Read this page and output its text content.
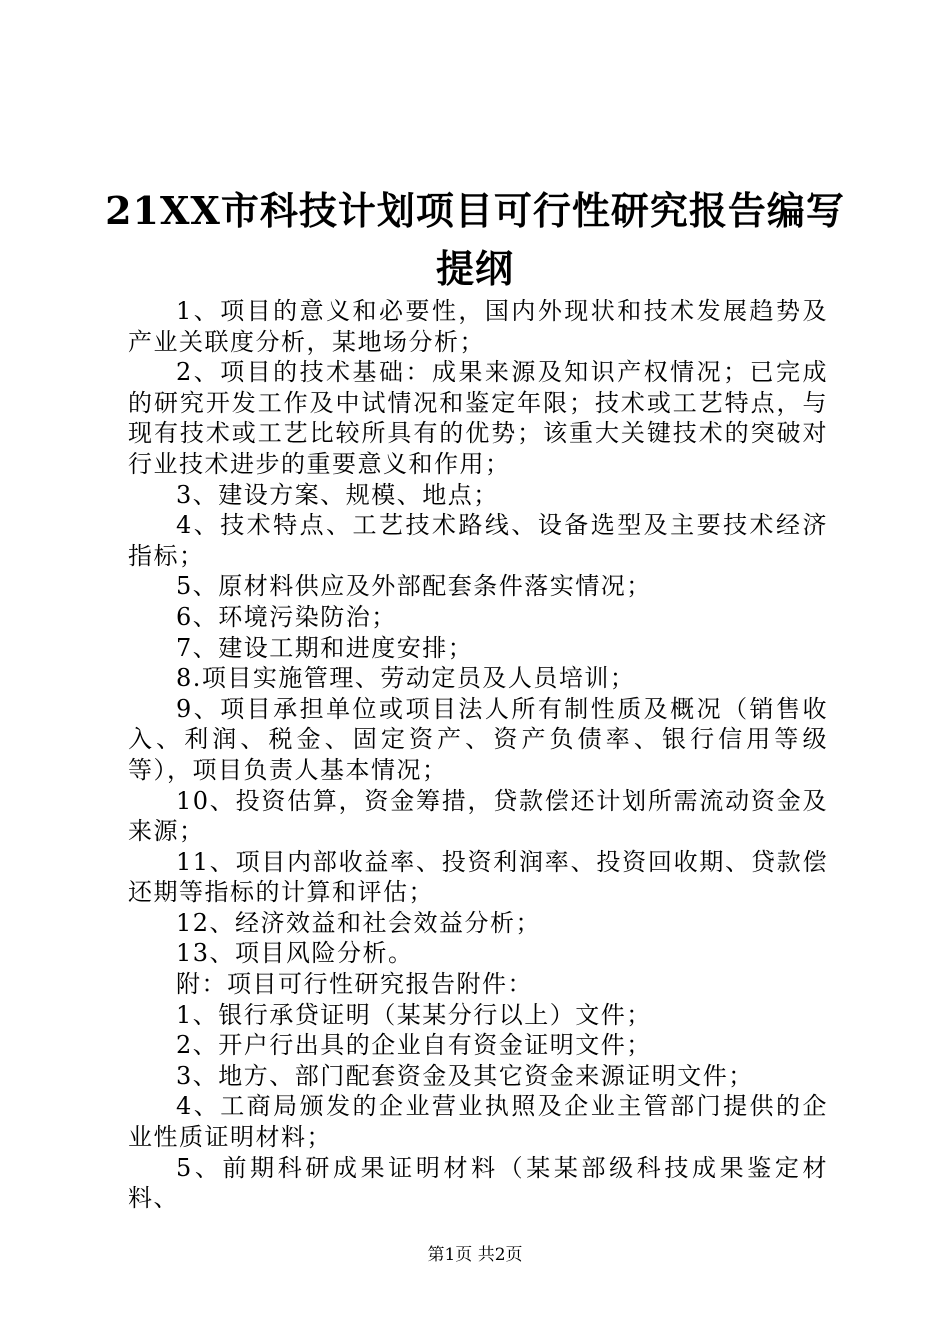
21XX市科技计划项目可行性研究报告编写提纲

1、项目的意义和必要性，国内外现状和技术发展趋势及产业关联度分析，某地场分析；

2、项目的技术基础：成果来源及知识产权情况；已完成的研究开发工作及中试情况和鉴定年限；技术或工艺特点，与现有技术或工艺比较所具有的优势；该重大关键技术的突破对行业技术进步的重要意义和作用；

3、建设方案、规模、地点；

4、技术特点、工艺技术路线、设备选型及主要技术经济指标；

5、原材料供应及外部配套条件落实情况；

6、环境污染防治；

7、建设工期和进度安排；

8.项目实施管理、劳动定员及人员培训；

9、项目承担单位或项目法人所有制性质及概况（销售收入、利润、税金、固定资产、资产负债率、银行信用等级等），项目负责人基本情况；

10、投资估算，资金筹措，贷款偿还计划所需流动资金及来源；

11、项目内部收益率、投资利润率、投资回收期、贷款偿还期等指标的计算和评估；

12、经济效益和社会效益分析；

13、项目风险分析。

附：项目可行性研究报告附件：

1、银行承贷证明（某某分行以上）文件；

2、开户行出具的企业自有资金证明文件；

3、地方、部门配套资金及其它资金来源证明文件；

4、工商局颁发的企业营业执照及企业主管部门提供的企业性质证明材料；

5、前期科研成果证明材料（某某部级科技成果鉴定材料、

第1页 共2页
